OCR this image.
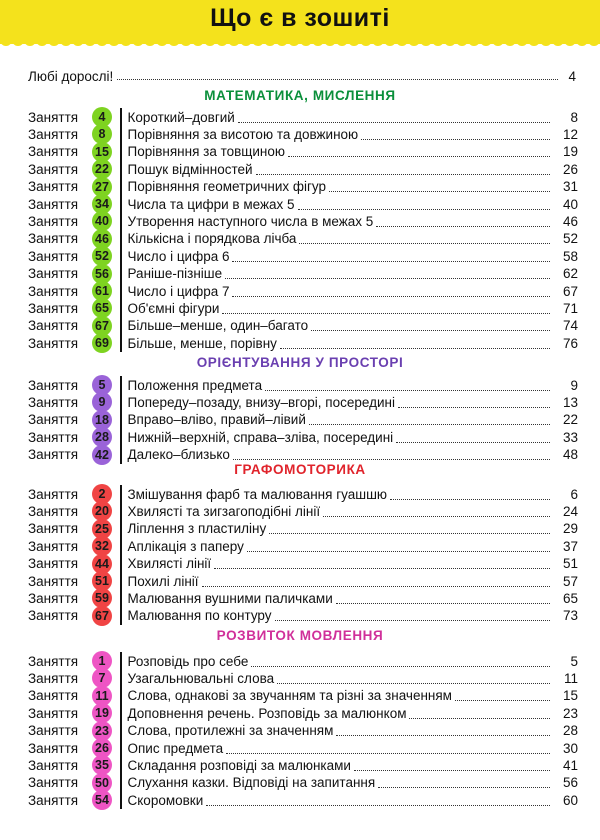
Що є в зошиті
Любі дорослі!	4
МАТЕМАТИКА, МИСЛЕННЯ
Заняття	4	Короткий–довгий	8
Заняття	8	Порівняння за висотою та довжиною	12
Заняття	15 Порівняння за товщиною	19
Заняття	22 Пошук відмінностей	26
Заняття	27 Порівняння геометричних фігур	31
Заняття	34 Числа та цифри в межах 5	40
Заняття	40 Утворення наступного числа в межах 5	46
Заняття	46 Кількісна і порядкова лічба	52
Заняття	52 Число і цифра 6	58
Заняття	56 Раніше-пізніше	62
Заняття	61 Число і цифра 7	67
Заняття	65 Об'ємні фігури	71
Заняття	67 Більше–менше, один–багато	74
Заняття	69 Більше, менше, порівну	76
ОРІЄНТУВАННЯ У ПРОСТОРІ
Заняття	5	Положення предмета	9
Заняття	9	Попереду–позаду, внизу–вгорі, посередині	13
Заняття	18 Вправо–вліво, правий–лівий	22
Заняття	28 Нижній–верхній, справа–зліва, посередині	33
Заняття	42 Далеко–близько	48
ГРАФОМОТОРИКА
Заняття	2	Змішування фарб та малювання гуашшю	6
Заняття	20 Хвилясті та зигзагоподібні лінії	24
Заняття	25 Ліплення з пластиліну	29
Заняття	32 Аплікація з паперу	37
Заняття	44 Хвилясті лінії	51
Заняття	51 Похилі лінії	57
Заняття	59 Малювання вушними паличками	65
Заняття	67 Малювання по контуру	73
РОЗВИТОК МОВЛЕННЯ
Заняття	1	Розповідь про себе	5
Заняття	7	Узагальнювальні слова	11
Заняття	11 Слова, однакові за звучанням та різні за значенням	15
Заняття	19 Доповнення речень. Розповідь за малюнком	23
Заняття	23 Слова, протилежні за значенням	28
Заняття	26 Опис предмета	30
Заняття	35 Складання розповіді за малюнками	41
Заняття	50 Слухання казки. Відповіді на запитання	56
Заняття	54 Скоромовки	60
